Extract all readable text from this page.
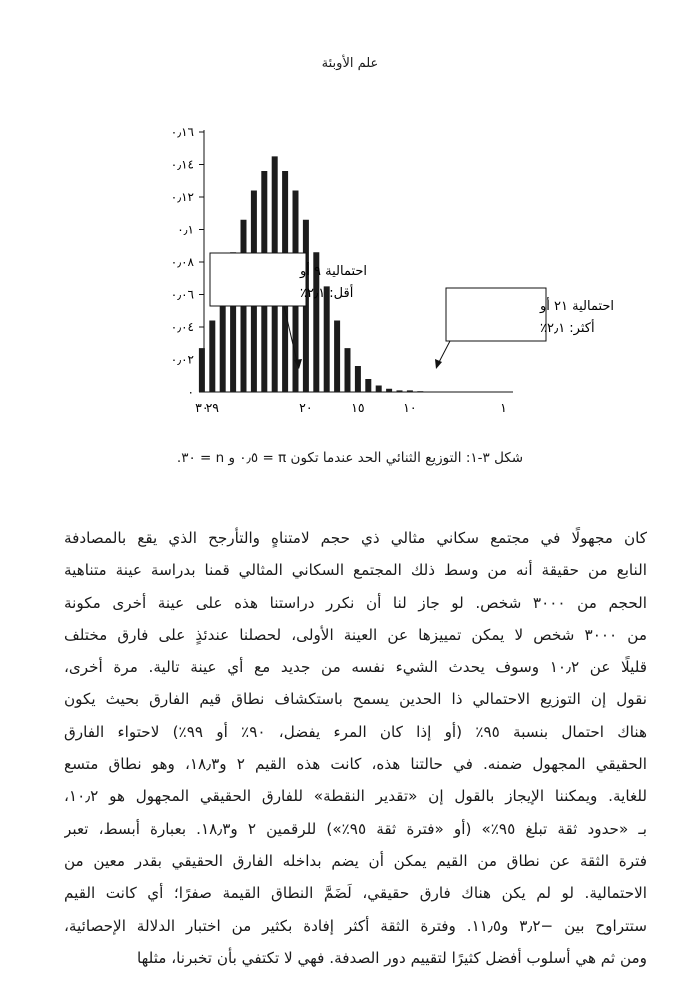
علم الأوبئة
٠
٠٫٠٢
٠٫٠٤
٠٫٠٦
٠٫٠٨
٠٫١
٠٫١٢
٠٫١٤
٠٫١٦
٣٠
٢٩	٢٠	١٥	١٠	١
احتمالية ٩ أو
أقل: ٢٫١٪
احتمالية ٢١ أو
أكثر: ٢٫١٪
شكل ٣-١: التوزيع الثنائي الحد عندما تكون π = ٠٫٥ و n = ٣٠.
كان مجهولًا في مجتمع سكاني مثالي ذي حجم لامتناهٍ والتأرجح الذي يقع بالمصادفة
النابع من حقيقة أنه من وسط ذلك المجتمع السكاني المثالي قمنا بدراسة عينة متناهية
الحجم من ٣٠٠٠ شخص. لو جاز لنا أن نكرر دراستنا هذه على عينة أخرى مكونة
من ٣٠٠٠ شخص لا يمكن تمييزها عن العينة الأولى، لحصلنا عندئذٍ على فارق مختلف
قليلًا عن ١٠٫٢ وسوف يحدث الشيء نفسه من جديد مع أي عينة تالية. مرة أخرى،
نقول إن التوزيع الاحتمالي ذا الحدين يسمح باستكشاف نطاق قيم الفارق بحيث يكون
هناك احتمال بنسبة ٩٥٪ (أو إذا كان المرء يفضل، ٩٠٪ أو ٩٩٪) لاحتواء الفارق
الحقيقي المجهول ضمنه. في حالتنا هذه، كانت هذه القيم ٢ و١٨٫٣، وهو نطاق متسع
للغاية. ويمكننا الإيجاز بالقول إن «تقدير النقطة» للفارق الحقيقي المجهول هو ١٠٫٢،
بـ «حدود ثقة تبلغ ٩٥٪» (أو «فترة ثقة ٩٥٪») للرقمين ٢ و١٨٫٣. بعبارة أبسط، تعبر
فترة الثقة عن نطاق من القيم يمكن أن يضم بداخله الفارق الحقيقي بقدر معين من
الاحتمالية. لو لم يكن هناك فارق حقيقي، لَضَمَّ النطاق القيمة صفرًا؛ أي كانت القيم
ستتراوح بين −٣٫٢ و١١٫٥. وفترة الثقة أكثر إفادة بكثير من اختبار الدلالة الإحصائية،
ومن ثم هي أسلوب أفضل كثيرًا لتقييم دور الصدفة. فهي لا تكتفي بأن تخبرنا، مثلها
